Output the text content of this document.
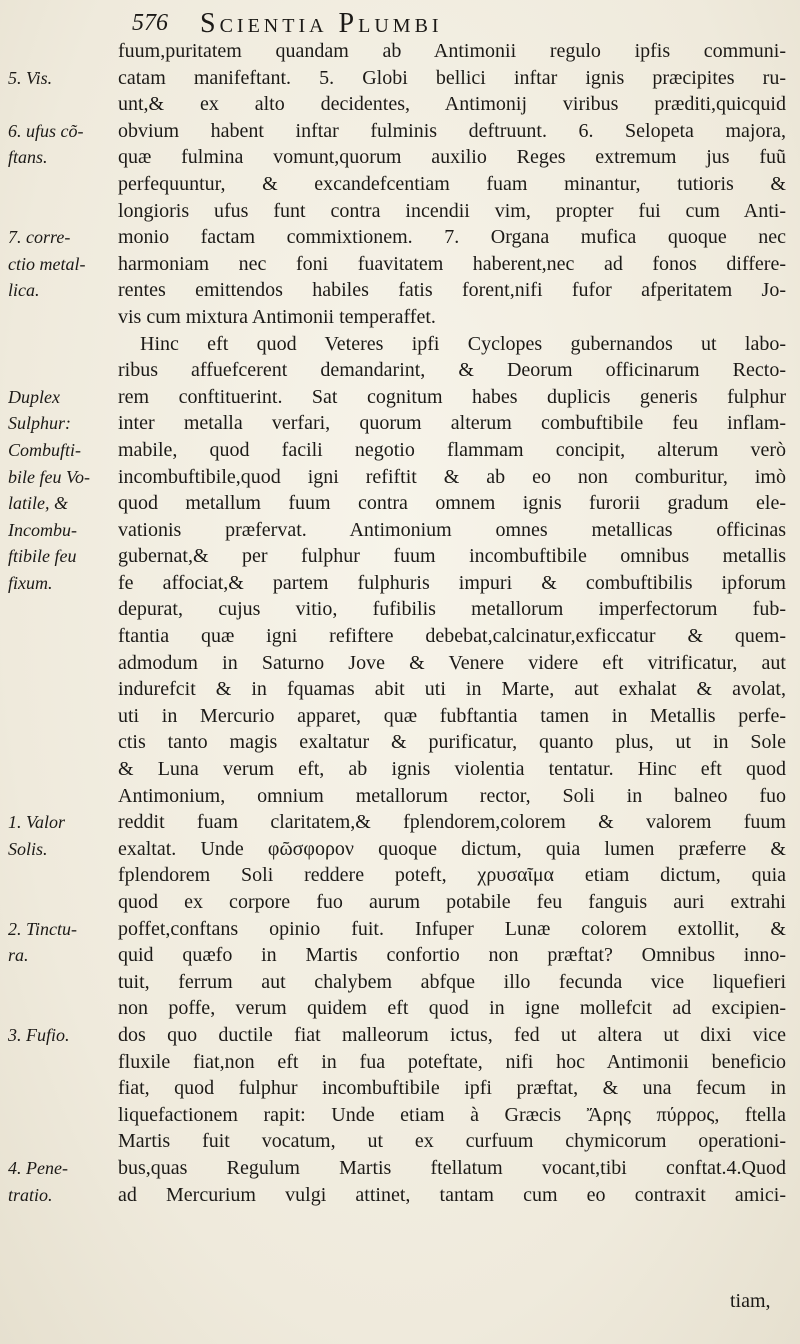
576 Scientia Plumbi
5. Vis.
6. ufus cõ-
ftans.
7. corre-
ctio metal-
lica.
Duplex
Sulphur:
Combufti-
bile feu Vo-
latile, &
Incombu-
ftibile feu
fixum.
1. Valor
Solis.
2. Tinctu-
ra.
3. Fufio.
4. Pene-
tratio.
fuum,puritatem quandam ab Antimonii regulo ipfis communi-
catam manifeftant. 5. Globi bellici inftar ignis præcipites ru-
unt,& ex alto decidentes, Antimonij viribus præditi,quicquid
obvium habent inftar fulminis deftruunt. 6. Selopeta majora,
quæ fulmina vomunt,quorum auxilio Reges extremum jus fuũ
perfequuntur, & excandefcentiam fuam minantur, tutioris &
longioris ufus funt contra incendii vim, propter fui cum Anti-
monio factam commixtionem. 7. Organa mufica quoque nec
harmoniam nec foni fuavitatem haberent,nec ad fonos differe-
rentes emittendos habiles fatis forent,nifi fufor afperitatem Jo-
vis cum mixtura Antimonii temperaffet.
Hinc eft quod Veteres ipfi Cyclopes gubernandos ut labo-
ribus affuefcerent demandarint, & Deorum officinarum Recto-
rem conftituerint. Sat cognitum habes duplicis generis fulphur
inter metalla verfari, quorum alterum combuftibile feu inflam-
mabile, quod facili negotio flammam concipit, alterum verò
incombuftibile,quod igni refiftit & ab eo non comburitur, imò
quod metallum fuum contra omnem ignis furorii gradum ele-
vationis præfervat. Antimonium omnes metallicas officinas
gubernat,& per fulphur fuum incombuftibile omnibus metallis
fe affociat,& partem fulphuris impuri & combuftibilis ipforum
depurat, cujus vitio, fufibilis metallorum imperfectorum fub-
ftantia quæ igni refiftere debebat,calcinatur,exficcatur & quem-
admodum in Saturno Jove & Venere videre eft vitrificatur, aut
indurefcit & in fquamas abit uti in Marte, aut exhalat & avolat,
uti in Mercurio apparet, quæ fubftantia tamen in Metallis perfe-
ctis tanto magis exaltatur & purificatur, quanto plus, ut in Sole
& Luna verum eft, ab ignis violentia tentatur. Hinc eft quod
Antimonium, omnium metallorum rector, Soli in balneo fuo
reddit fuam claritatem,& fplendorem,colorem & valorem fuum
exaltat. Unde φῶσφορον quoque dictum, quia lumen præferre &
fplendorem Soli reddere poteft, χρυσαῖμα etiam dictum, quia
quod ex corpore fuo aurum potabile feu fanguis auri extrahi
poffet,conftans opinio fuit. Infuper Lunæ colorem extollit, &
quid quæfo in Martis confortio non præftat? Omnibus inno-
tuit, ferrum aut chalybem abfque illo fecunda vice liquefieri
non poffe, verum quidem eft quod in igne mollefcit ad excipien-
dos quo ductile fiat malleorum ictus, fed ut altera ut dixi vice
fluxile fiat,non eft in fua poteftate, nifi hoc Antimonii beneficio
fiat, quod fulphur incombuftibile ipfi præftat, & una fecum in
liquefactionem rapit: Unde etiam à Græcis Ἄρης πύρρος, ftella
Martis fuit vocatum, ut ex curfuum chymicorum operationi-
bus,quas Regulum Martis ftellatum vocant,tibi conftat.4.Quod
ad Mercurium vulgi attinet, tantam cum eo contraxit amici-
tiam,
